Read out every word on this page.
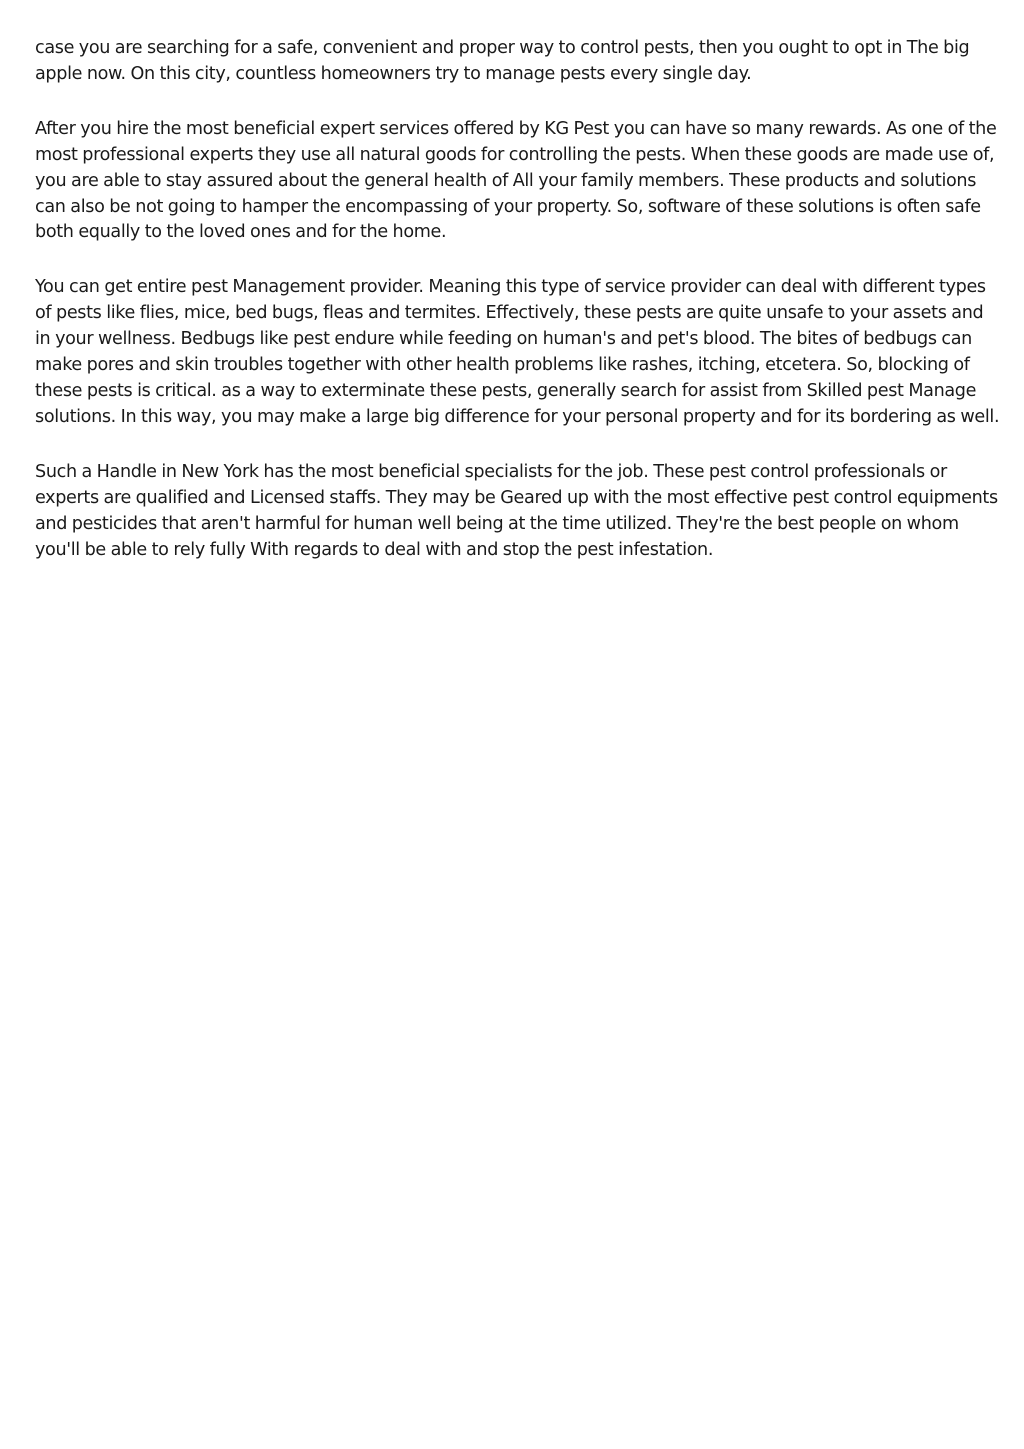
case you are searching for a safe, convenient and proper way to control pests, then you ought to opt in The big apple now. On this city, countless homeowners try to manage pests every single day.

After you hire the most beneficial expert services offered by KG Pest you can have so many rewards. As one of the most professional experts they use all natural goods for controlling the pests. When these goods are made use of, you are able to stay assured about the general health of All your family members. These products and solutions can also be not going to hamper the encompassing of your property. So, software of these solutions is often safe both equally to the loved ones and for the home.

You can get entire pest Management provider. Meaning this type of service provider can deal with different types of pests like flies, mice, bed bugs, fleas and termites. Effectively, these pests are quite unsafe to your assets and in your wellness. Bedbugs like pest endure while feeding on human's and pet's blood. The bites of bedbugs can make pores and skin troubles together with other health problems like rashes, itching, etcetera. So, blocking of these pests is critical. as a way to exterminate these pests, generally search for assist from Skilled pest Manage solutions. In this way, you may make a large big difference for your personal property and for its bordering as well.

Such a Handle in New York has the most beneficial specialists for the job. These pest control professionals or experts are qualified and Licensed staffs. They may be Geared up with the most effective pest control equipments and pesticides that aren't harmful for human well being at the time utilized. They're the best people on whom you'll be able to rely fully With regards to deal with and stop the pest infestation.
